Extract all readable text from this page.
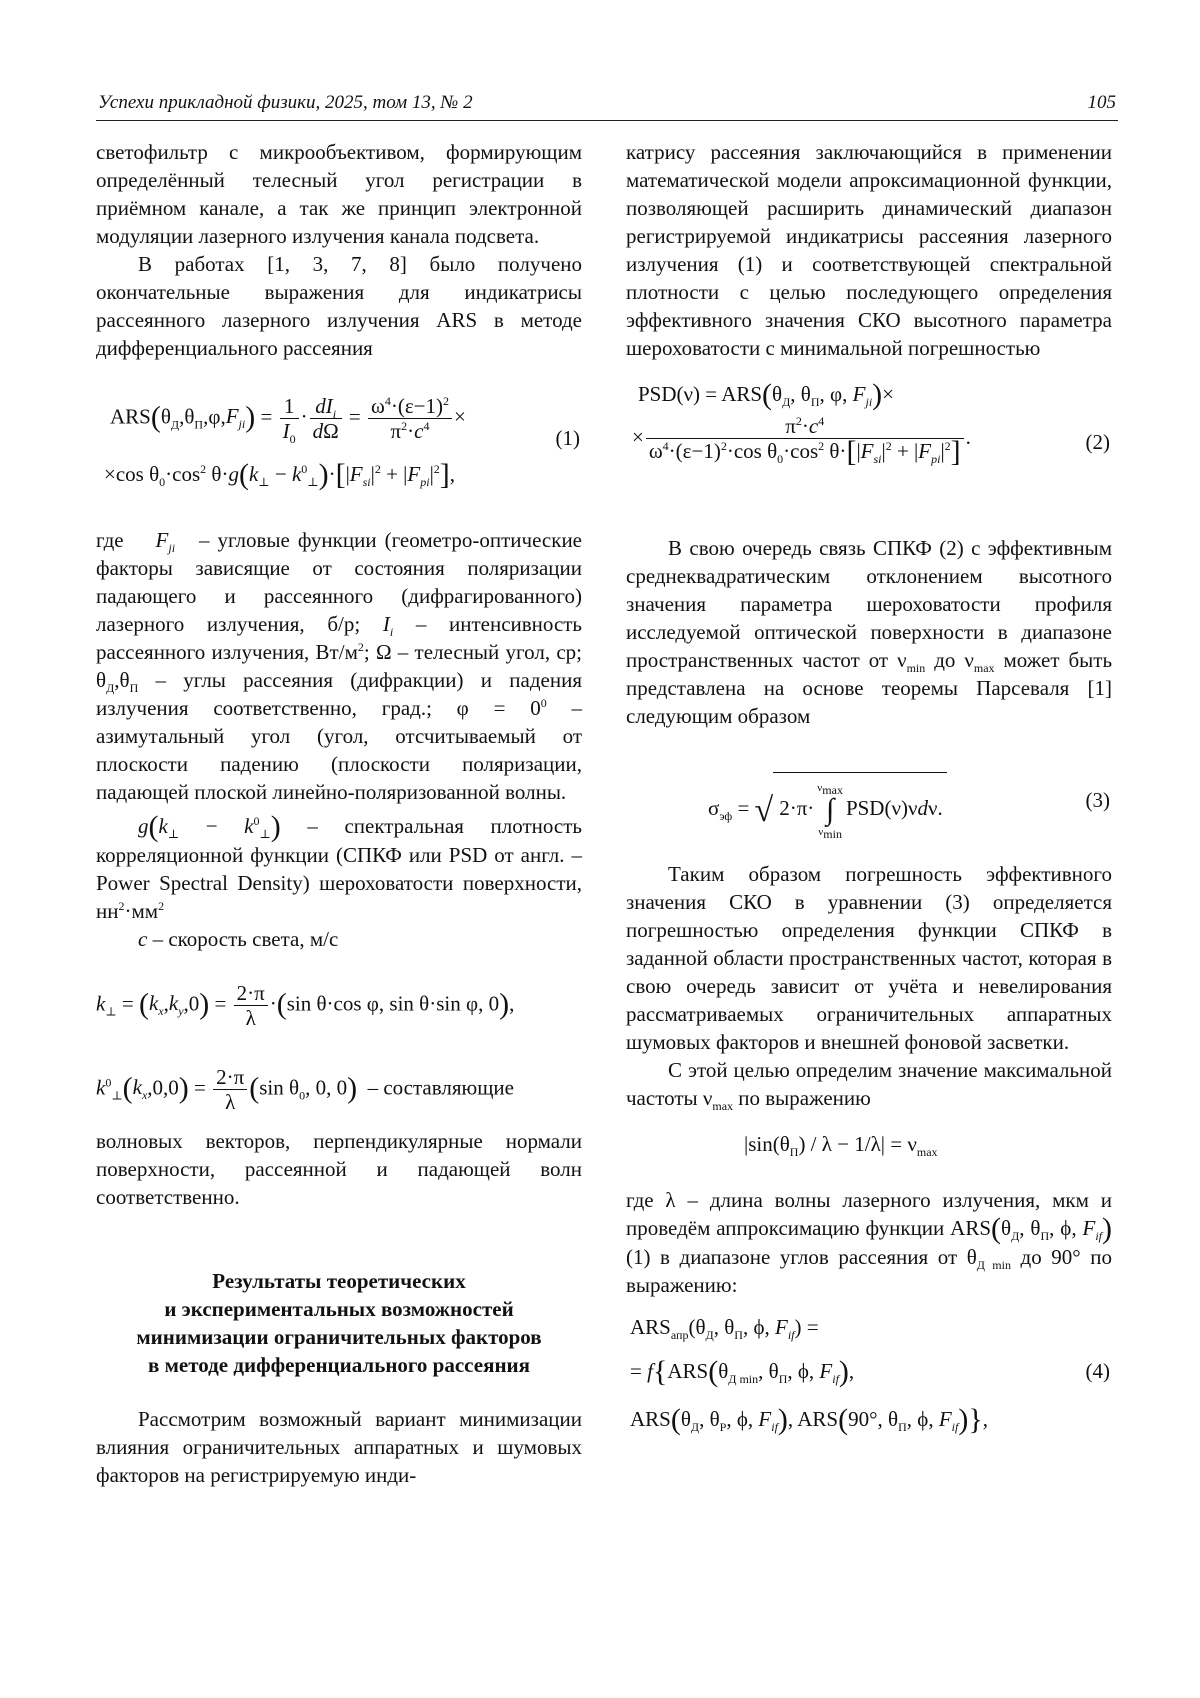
Успехи прикладной физики, 2025, том 13, № 2	105

светофильтр с микрообъективом, формирующим определённый телесный угол регистрации в приёмном канале, а так же принцип электронной модуляции лазерного излучения канала подсвета.

В работах [1, 3, 7, 8] было получено окончательные выражения для индикатрисы рассеянного лазерного излучения ARS в методе дифференциального рассеяния

$ARS(\theta_Д,\theta_П,\varphi,F_{ji}) = \frac{1}{I_0} \cdot \frac{dI_i}{d\Omega} = \frac{\omega^4\cdot(\varepsilon-1)^2}{\pi^2\cdot c^4}$ ×
(1)
×cos $\theta_0\cdot\cos^2$ $\theta\cdot g(k_\perp - k^0_\perp)\cdot[|F_{si}|^2 + |F_{pi}|^2]$,

где $F_{ji}$ – угловые функции (геометро-оптические факторы зависящие от состояния поляризации падающего и рассеянного (дифрагированного) лазерного излучения, б/р; $I_i$ – интенсивность рассеянного излучения, $Вт/м^2$; Ω – телесный угол, ср; $\theta_Д,\theta_П$ – углы рассеяния (дифракции) и падения излучения соответственно, град.; $\varphi = 0^0$ – азимутальный угол (угол, отсчитываемый от плоскости падению (плоскости поляризации, падающей плоской линейно-поляризованной волны.

$g(k_\perp - k^0_\perp)$ – спектральная плотность корреляционной функции (СПКФ или PSD от англ. – Power Spectral Density) шероховатости поверхности, $нн^2\cdot мм^2$

c – скорость света, м/с

$k_\perp = (k_x,k_y,0) = \frac{2\cdot\pi}{\lambda} \cdot(\sin$ θ·cos φ, sin θ·sin φ, 0),
$k^0_\perp(k_x,0,0) = \frac{2\cdot\pi}{\lambda} (\sin$ $\theta_0$, 0, 0) – составляющие

волновых векторов, перпендикулярные нормали поверхности, рассеянной и падающей волн соответственно.

Результаты теоретических
и экспериментальных возможностей
минимизации ограничительных факторов
в методе дифференциального рассеяния

Рассмотрим возможный вариант минимизации влияния ограничительных аппаратных и шумовых факторов на регистрируемую инди-

катрису рассеяния заключающийся в применении математической модели апроксимационной функции, позволяющей расширить динамический диапазон регистрируемой индикатрисы рассеяния лазерного излучения (1) и соответствующей спектральной плотности с целью последующего определения эффективного значения СКО высотного параметра шероховатости с минимальной погрешностью

$PSD(\nu) = ARS(\theta_Д$, $\theta_П$, φ, $F_{ji})\times$
× $\frac{\pi^2\cdot c^4}{\omega^4\cdot(\varepsilon-1)^2\cdot\cos \theta_0\cdot\cos^2 \theta\cdot[|F_{si}|^2 + |F_{pi}|^2]}$ .	(2)

В свою очередь связь СПКФ (2) с эффективным среднеквадратическим отклонением высотного значения параметра шероховатости профиля исследуемой оптической поверхности в диапазоне пространственных частот от $\nu_{min}$ до $\nu_{max}$ может быть представлена на основе теоремы Парсеваля [1] следующим образом

$\sigma_{эф}$ = √ $2\cdot\pi\cdot\nu_{max}$
∫
$\nu_{min}PSD(\nu)\nu d\nu$.	(3)

Таким образом погрешность эффективного значения СКО в уравнении (3) определяется погрешностью определения функции СПКФ в заданной области пространственных частот, которая в свою очередь зависит от учёта и невелирования рассматриваемых ограничительных аппаратных шумовых факторов и внешней фоновой засветки.

С этой целью определим значение максимальной частоты $\nu_{max}$ по выражению

$|\sin(\theta_П) / \lambda - 1/\lambda| = \nu_{max}$

где λ – длина волны лазерного излучения, мкм и проведём аппроксимацию функции $ARS(\theta_Д$, $\theta_П$, ϕ, $F_{if}$) (1) в диапазоне углов рассеяния от $\theta_{Д min}$ до 90° по выражению:

$ARS_{апр}(\theta_Д$, $\theta_П$, ϕ, $F_{if}$) =
= $f\{ARS(\theta_{Д min}$, $\theta_П$, ϕ, $F_{if}$),	(4)
$ARS(\theta_Д$, $\theta_P$, ϕ, $F_{if}$), ARS(90°, $\theta_П$, ϕ, $F_{if}$)},
